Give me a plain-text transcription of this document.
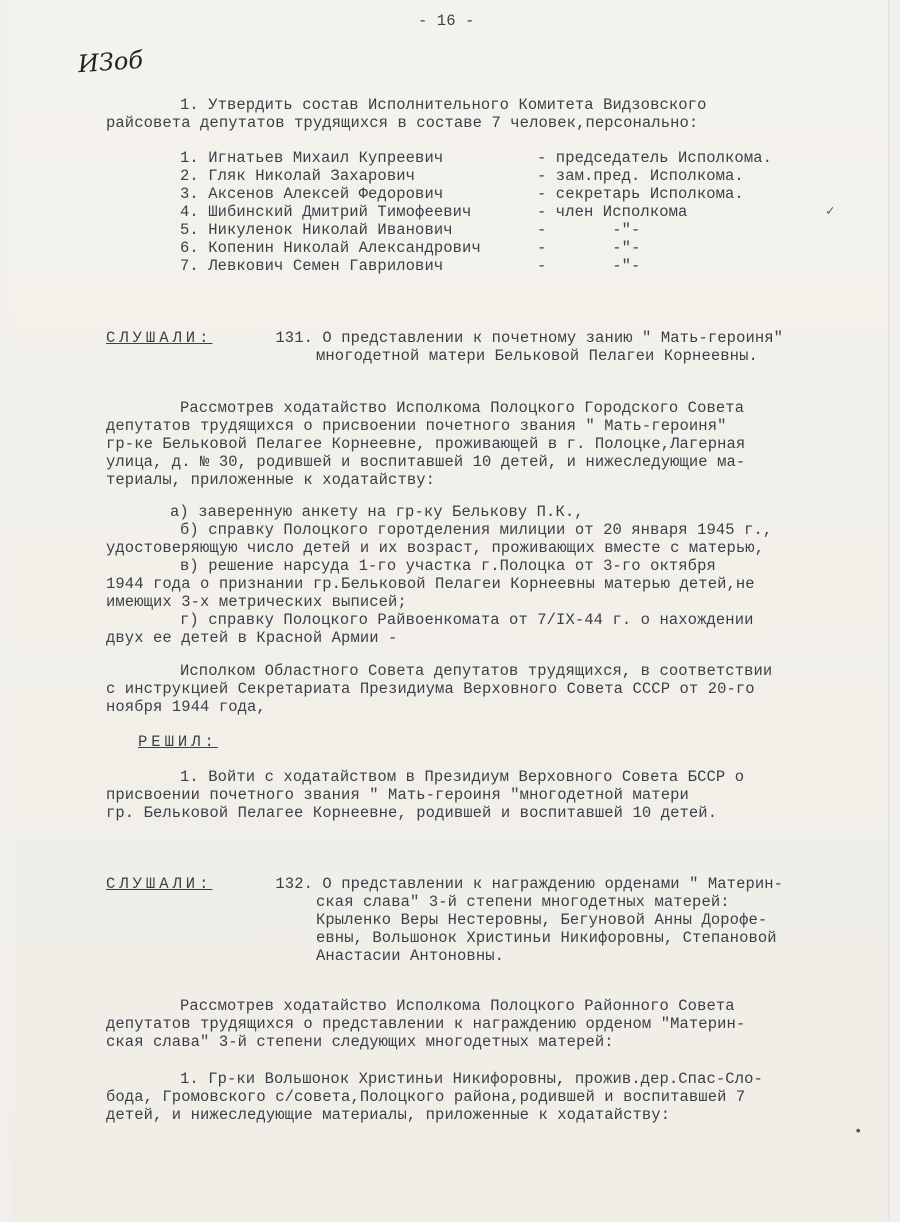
- 16 -
ИЗоб
1. Утвердить состав Исполнительного Комитета Видзовского
райсовета депутатов трудящихся в составе 7 человек,персонально:
1. Игнатьев Михаил Купреевич	- председатель Исполкома.
2. Гляк Николай Захарович	- зам.пред. Исполкома.
3. Аксенов Алексей Федорович	- секретарь Исполкома.
4. Шибинский Дмитрий Тимофеевич	- член Исполкома
5. Никуленок Николай Иванович	-       -"-
6. Копенин Николай Александрович	-       -"-
7. Левкович Семен Гаврилович	-       -"-
СЛУШАЛИ:	131. О представлении к почетному занию " Мать-героиня"
многодетной матери Бельковой Пелагеи Корнеевны.
Рассмотрев ходатайство Исполкома Полоцкого Городского Совета
депутатов трудящихся о присвоении почетного звания " Мать-героиня"
гр-ке Бельковой Пелагее Корнеевне, проживающей в г. Полоцке,Лагерная
улица, д. № 30, родившей и воспитавшей 10 детей, и нижеследующие ма-
териалы, приложенные к ходатайству:
а) заверенную анкету на гр-ку Белькову П.К.,
б) справку Полоцкого горотделения милиции от 20 января 1945 г.,
удостоверяющую число детей и их возраст, проживающих вместе с матерью,
в) решение нарсуда 1-го участка г.Полоцка от 3-го октября
1944 года о признании гр.Бельковой Пелагеи Корнеевны матерью детей,не
имеющих 3-х метрических выписей;
г) справку Полоцкого Райвоенкомата от 7/IX-44 г. о нахождении
двух ее детей в Красной Армии -
Исполком Областного Совета депутатов трудящихся, в соответствии
с инструкцией Секретариата Президиума Верховного Совета СССР от 20-го
ноября 1944 года,
РЕШИЛ:
1. Войти с ходатайством в Президиум Верховного Совета БССР о
присвоении почетного звания " Мать-героиня "многодетной матери
гр. Бельковой Пелагее Корнеевне, родившей и воспитавшей 10 детей.
СЛУШАЛИ:	132. О представлении к награждению орденами " Материн-
ская слава" 3-й степени многодетных матерей:
Крыленко Веры Нестеровны, Бегуновой Анны Дорофе-
евны, Вольшонок Христиньи Никифоровны, Степановой
Анастасии Антоновны.
Рассмотрев ходатайство Исполкома Полоцкого Районного Совета
депутатов трудящихся о представлении к награждению орденом "Материн-
ская слава" 3-й степени следующих многодетных матерей:
1. Гр-ки Вольшонок Христиньи Никифоровны, прожив.дер.Спас-Сло-
бода, Громовского с/совета,Полоцкого района,родившей и воспитавшей 7
детей, и нижеследующие материалы, приложенные к ходатайству:
✓
•
